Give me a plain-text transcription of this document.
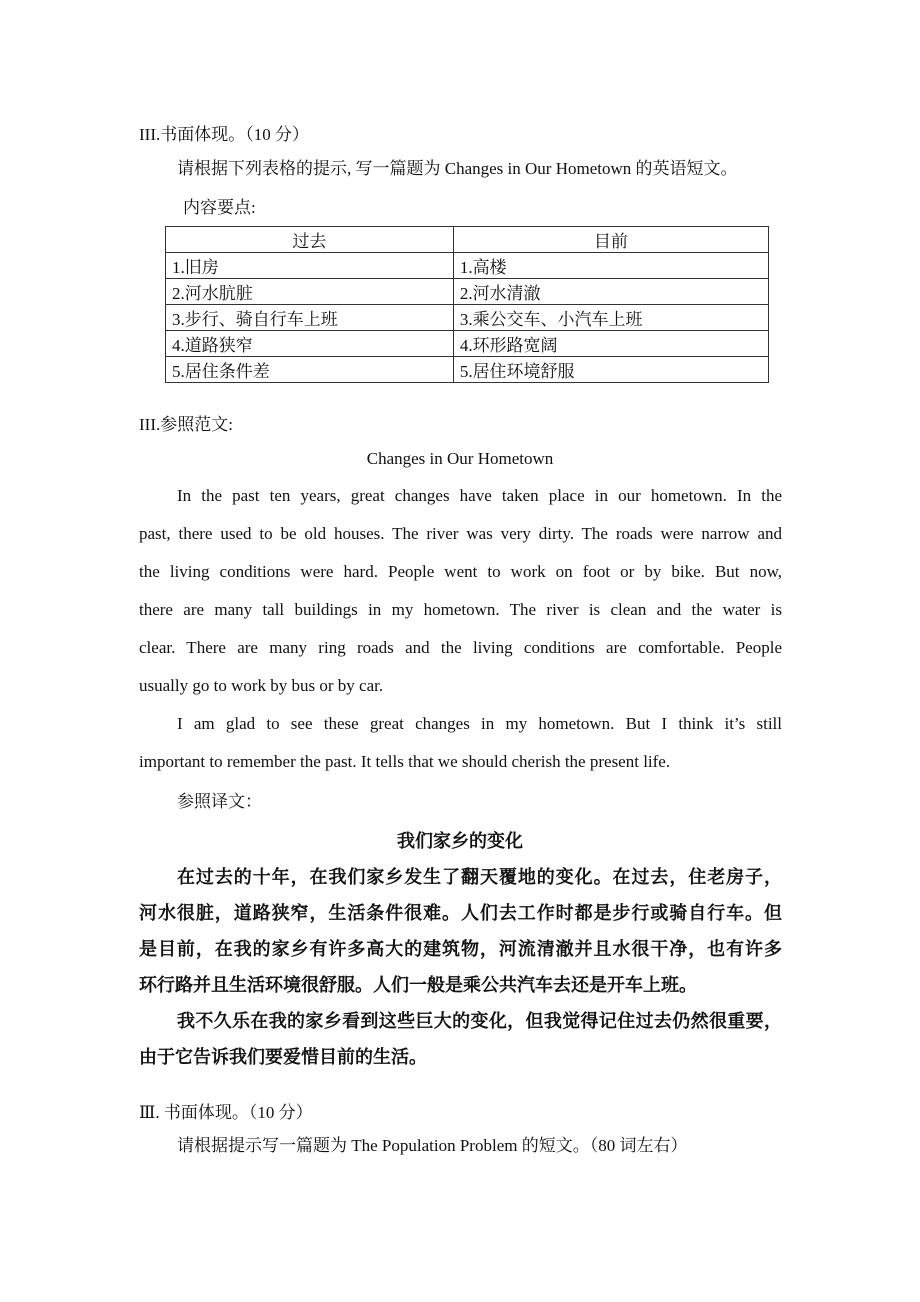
III.书面体现。（10 分）
请根据下列表格的提示, 写一篇题为 Changes in Our Hometown 的英语短文。
内容要点:
过去	目前
1.旧房	1.高楼
2.河水肮脏	2.河水清澈
3.步行、骑自行车上班	3.乘公交车、小汽车上班
4.道路狭窄	4.环形路宽阔
5.居住条件差	5.居住环境舒服
III.参照范文:
Changes in Our Hometown
In the past ten years, great changes have taken place in our hometown. In the
past, there used to be old houses. The river was very dirty. The roads were narrow and
the living conditions were hard. People went to work on foot or by bike. But now,
there are many tall buildings in my hometown. The river is clean and the water is
clear. There are many ring roads and the living conditions are comfortable. People
usually go to work by bus or by car.
I am glad to see these great changes in my hometown. But I think it’s still
important to remember the past. It tells that we should cherish the present life.
参照译文：
我们家乡的变化
在过去的十年，在我们家乡发生了翻天覆地的变化。在过去，住老房子，
河水很脏，道路狭窄，生活条件很难。人们去工作时都是步行或骑自行车。但
是目前，在我的家乡有许多高大的建筑物，河流清澈并且水很干净，也有许多
环行路并且生活环境很舒服。人们一般是乘公共汽车去还是开车上班。
我不久乐在我的家乡看到这些巨大的变化，但我觉得记住过去仍然很重要，
由于它告诉我们要爱惜目前的生活。
Ⅲ. 书面体现。（10 分）
请根据提示写一篇题为 The Population Problem 的短文。（80 词左右）
